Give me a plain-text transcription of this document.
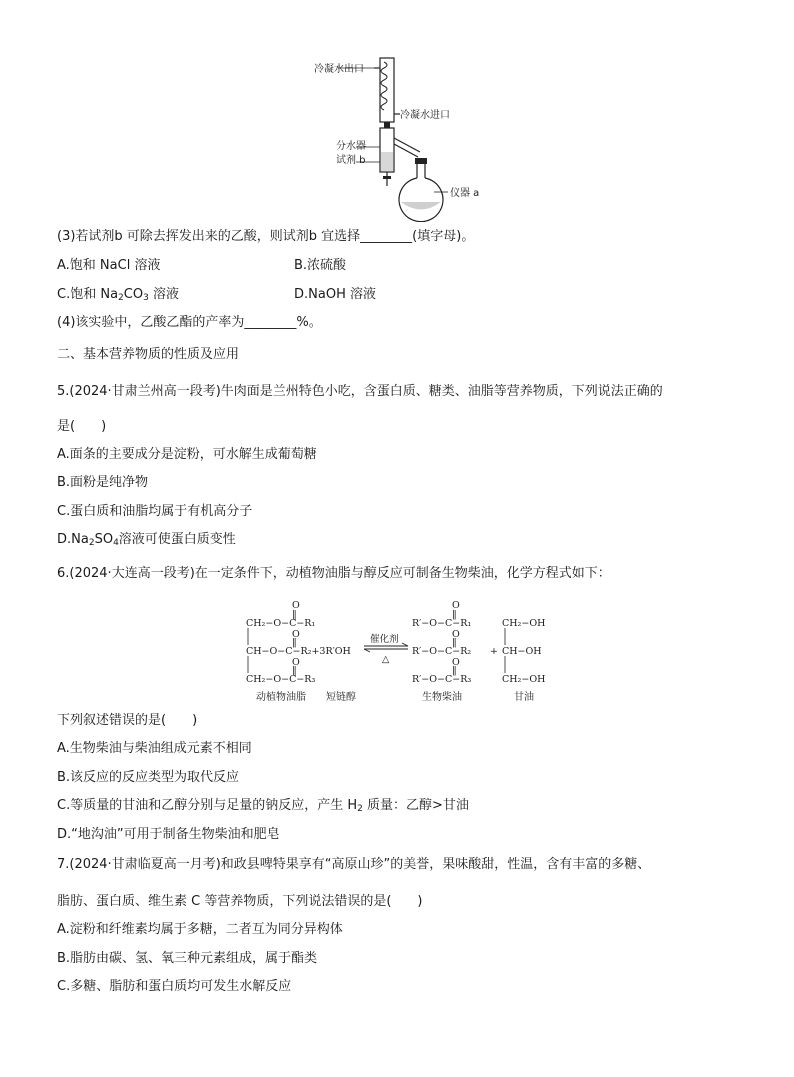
冷凝水出口
冷凝水进口
分水器
试剂 b
仪器 a
(3)若试剂b 可除去挥发出来的乙酸，则试剂b 宜选择________(填字母)。
A.饱和 NaCl 溶液	B.浓硫酸
C.饱和 $Na_2CO_3$ 溶液	D.NaOH 溶液
(4)该实验中，乙酸乙酯的产率为________%。
二、基本营养物质的性质及应用
5.(2024·甘肃兰州高一段考)牛肉面是兰州特色小吃，含蛋白质、糖类、油脂等营养物质，下列说法正确的
是(　　)
A.面条的主要成分是淀粉，可水解生成葡萄糖
B.面粉是纯净物
C.蛋白质和油脂均属于有机高分子
$D.Na_2SO_4$溶液可使蛋白质变性
6.(2024·大连高一段考)在一定条件下，动植物油脂与醇反应可制备生物柴油，化学方程式如下：
O
‖
CH₂−O−C−R₁
O
‖
CH−O−C−R₂+3R′OH
O
‖
CH₂−O−C−R₃
催化剂
△
O
‖
R′−O−C−R₁
O
‖
R′−O−C−R₂
O
‖
R′−O−C−R₃
+
CH₂−OH
CH−OH
CH₂−OH
动植物油脂 短链醇	生物柴油	甘油
下列叙述错误的是(　　)
A.生物柴油与柴油组成元素不相同
B.该反应的反应类型为取代反应
C.等质量的甘油和乙醇分别与足量的钠反应，产生 $H_2$ 质量：乙醇>甘油
D.“地沟油”可用于制备生物柴油和肥皂
7.(2024·甘肃临夏高一月考)和政县啤特果享有“高原山珍”的美誉，果味酸甜，性温，含有丰富的多糖、
脂肪、蛋白质、维生素 C 等营养物质，下列说法错误的是(　　)
A.淀粉和纤维素均属于多糖，二者互为同分异构体
B.脂肪由碳、氢、氧三种元素组成，属于酯类
C.多糖、脂肪和蛋白质均可发生水解反应
